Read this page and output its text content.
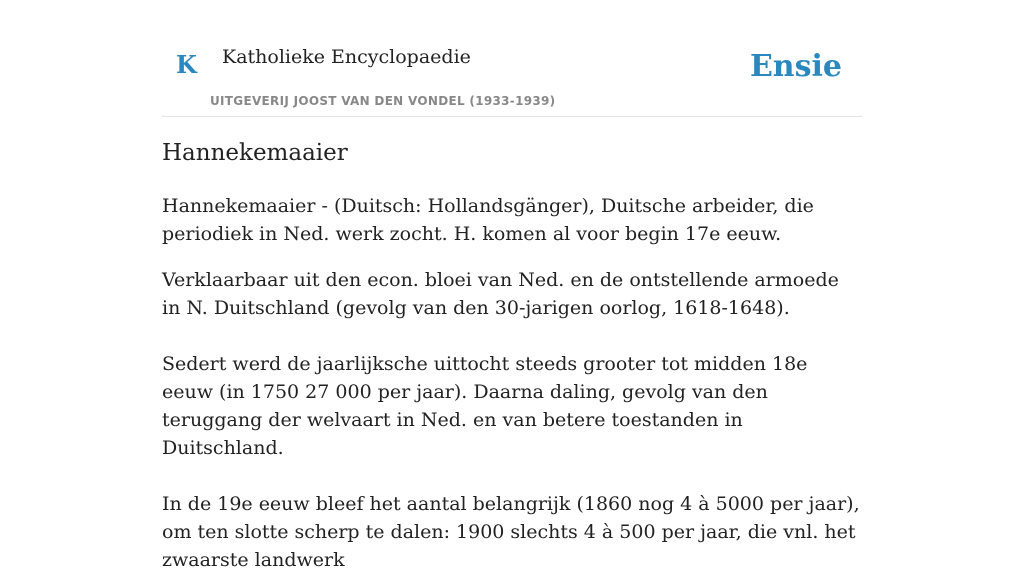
K Katholieke Encyclopaedie
UITGEVERIJ JOOST VAN DEN VONDEL (1933-1939)
Ensie
Hannekemaaier

Hannekemaaier - (Duitsch: Hollandsgänger), Duitsche arbeider, die periodiek in Ned. werk zocht. H. komen al voor begin 17e eeuw.

Verklaarbaar uit den econ. bloei van Ned. en de ontstellende armoede in N. Duitschland (gevolg van den 30-jarigen oorlog, 1618-1648).

Sedert werd de jaarlijksche uittocht steeds grooter tot midden 18e eeuw (in 1750 27 000 per jaar). Daarna daling, gevolg van den teruggang der welvaart in Ned. en van betere toestanden in Duitschland.

In de 19e eeuw bleef het aantal belangrijk (1860 nog 4 à 5000 per jaar), om ten slotte scherp te dalen: 1900 slechts 4 à 500 per jaar, die vnl. het zwaarste landwerk
